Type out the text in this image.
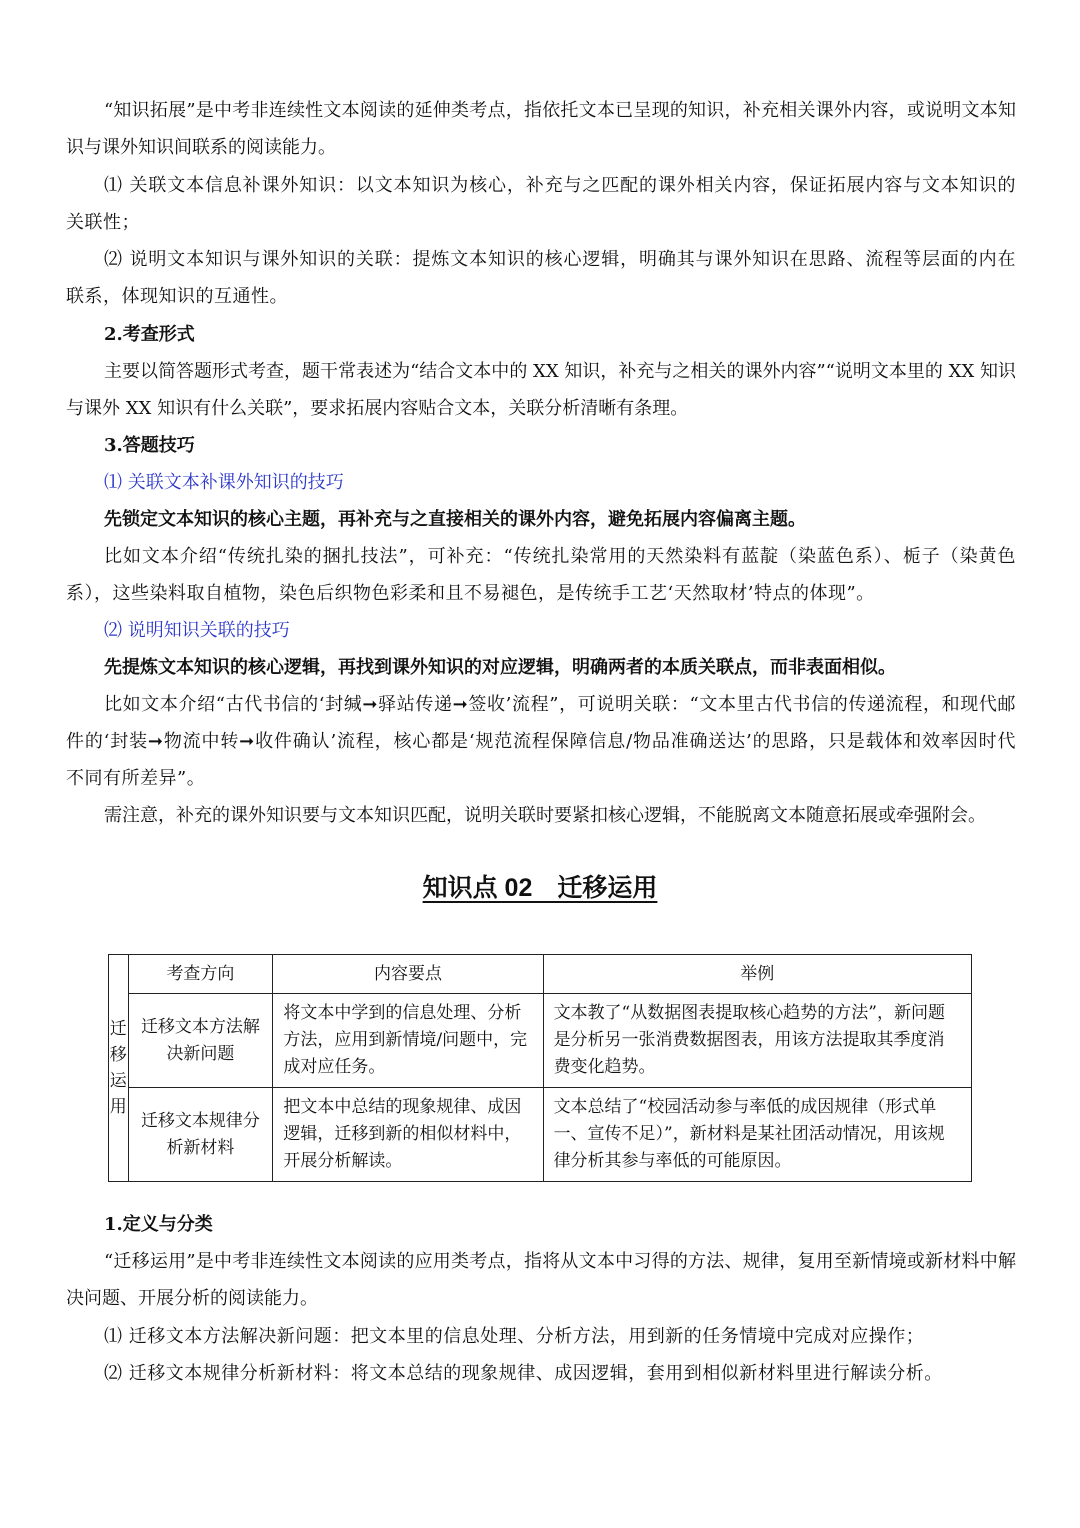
“知识拓展”是中考非连续性文本阅读的延伸类考点，指依托文本已呈现的知识，补充相关课外内容，或说明文本知识与课外知识间联系的阅读能力。

⑴ 关联文本信息补课外知识：以文本知识为核心，补充与之匹配的课外相关内容，保证拓展内容与文本知识的关联性；

⑵ 说明文本知识与课外知识的关联：提炼文本知识的核心逻辑，明确其与课外知识在思路、流程等层面的内在联系，体现知识的互通性。

2.考查形式

主要以简答题形式考查，题干常表述为“结合文本中的 XX 知识，补充与之相关的课外内容”“说明文本里的 XX 知识与课外 XX 知识有什么关联”，要求拓展内容贴合文本，关联分析清晰有条理。

3.答题技巧

⑴ 关联文本补课外知识的技巧

先锁定文本知识的核心主题，再补充与之直接相关的课外内容，避免拓展内容偏离主题。

比如文本介绍“传统扎染的捆扎技法”，可补充：“传统扎染常用的天然染料有蓝靛（染蓝色系）、栀子（染黄色系），这些染料取自植物，染色后织物色彩柔和且不易褪色，是传统手工艺‘天然取材’特点的体现”。

⑵ 说明知识关联的技巧

先提炼文本知识的核心逻辑，再找到课外知识的对应逻辑，明确两者的本质关联点，而非表面相似。

比如文本介绍“古代书信的‘封缄➞驿站传递➞签收’流程”，可说明关联：“文本里古代书信的传递流程，和现代邮件的‘封装➞物流中转➞收件确认’流程，核心都是‘规范流程保障信息/物品准确送达’的思路，只是载体和效率因时代不同有所差异”。

需注意，补充的课外知识要与文本知识匹配，说明关联时要紧扣核心逻辑，不能脱离文本随意拓展或牵强附会。

知识点 02　迁移运用
迁移运用	考查方向	内容要点	举例
	迁移文本方法解决新问题	将文本中学到的信息处理、分析方法，应用到新情境/问题中，完成对应任务。	文本教了“从数据图表提取核心趋势的方法”，新问题是分析另一张消费数据图表，用该方法提取其季度消费变化趋势。
	迁移文本规律分析新材料	把文本中总结的现象规律、成因逻辑，迁移到新的相似材料中，开展分析解读。	文本总结了“校园活动参与率低的成因规律（形式单一、宣传不足）”，新材料是某社团活动情况，用该规律分析其参与率低的可能原因。

1.定义与分类

“迁移运用”是中考非连续性文本阅读的应用类考点，指将从文本中习得的方法、规律，复用至新情境或新材料中解决问题、开展分析的阅读能力。

⑴ 迁移文本方法解决新问题：把文本里的信息处理、分析方法，用到新的任务情境中完成对应操作；

⑵ 迁移文本规律分析新材料：将文本总结的现象规律、成因逻辑，套用到相似新材料里进行解读分析。
